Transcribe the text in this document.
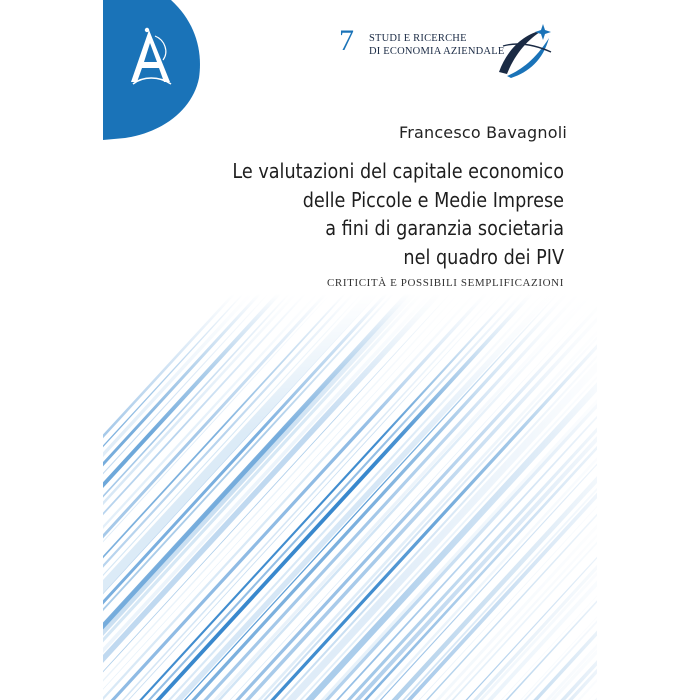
7 STUDI E RICERCHE
DI ECONOMIA AZIENDALE
Francesco Bavagnoli
Le valutazioni del capitale economico
delle Piccole e Medie Imprese
a fini di garanzia societaria
nel quadro dei PIV
CRITICITÀ E POSSIBILI SEMPLIFICAZIONI
